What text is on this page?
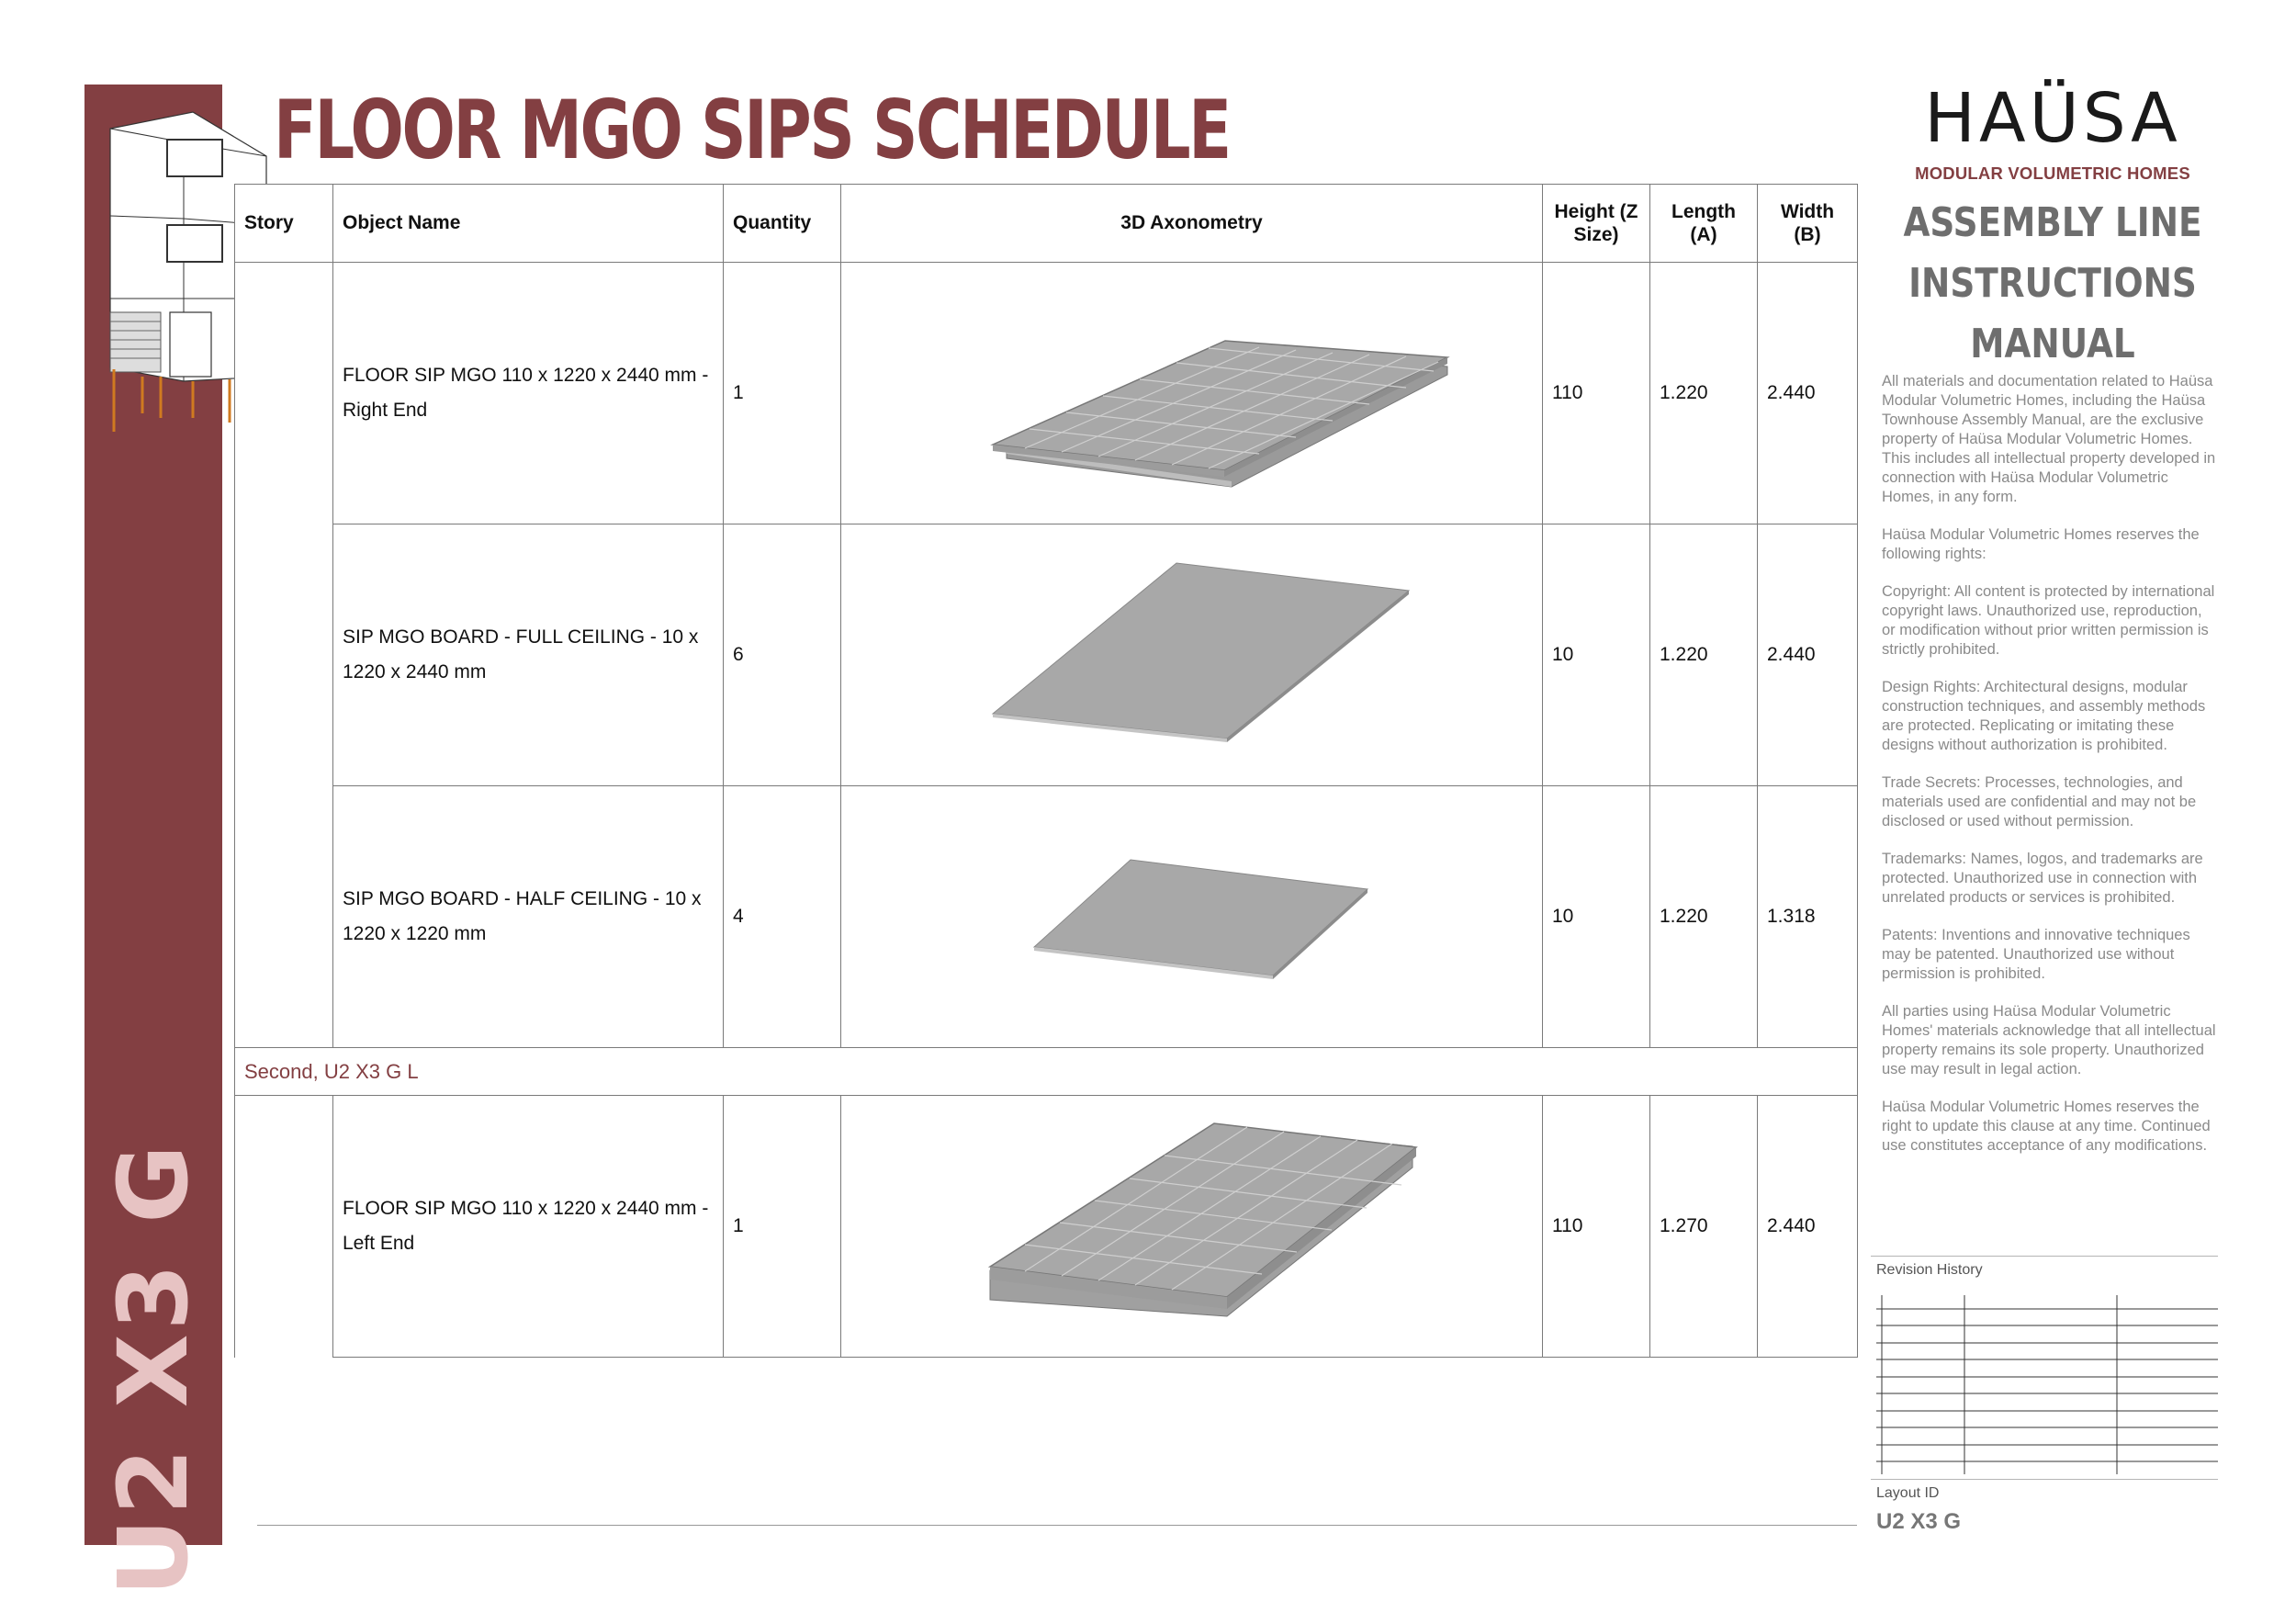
U2 X3 G
FLOOR MGO SIPS SCHEDULE
Story	Object Name	Quantity	3D Axonometry	Height (Z Size)	Length (A)	Width (B)
	FLOOR SIP MGO 110 x 1220 x 2440 mm - Right End	1		110	1.220	2.440
	SIP MGO BOARD - FULL CEILING - 10 x 1220 x 2440 mm	6		10	1.220	2.440
	SIP MGO BOARD - HALF CEILING - 10 x 1220 x 1220 mm	4		10	1.220	1.318
Second, U2 X3 G L						
	FLOOR SIP MGO 110 x 1220 x 2440 mm - Left End	1		110	1.270	2.440

HAÜSA

MODULAR VOLUMETRIC HOMES
ASSEMBLY LINE
INSTRUCTIONS
MANUAL

All materials and documentation related to Haüsa Modular Volumetric Homes, including the Haüsa Townhouse Assembly Manual, are the exclusive property of Haüsa Modular Volumetric Homes. This includes all intellectual property developed in connection with Haüsa Modular Volumetric Homes, in any form.

Haüsa Modular Volumetric Homes reserves the following rights:

Copyright: All content is protected by international copyright laws. Unauthorized use, reproduction, or modification without prior written permission is strictly prohibited.

Design Rights: Architectural designs, modular construction techniques, and assembly methods are protected. Replicating or imitating these designs without authorization is prohibited.

Trade Secrets: Processes, technologies, and materials used are confidential and may not be disclosed or used without permission.

Trademarks: Names, logos, and trademarks are protected. Unauthorized use in connection with unrelated products or services is prohibited.

Patents: Inventions and innovative techniques may be patented. Unauthorized use without permission is prohibited.

All parties using Haüsa Modular Volumetric Homes' materials acknowledge that all intellectual property remains its sole property. Unauthorized use may result in legal action.

Haüsa Modular Volumetric Homes reserves the right to update this clause at any time. Continued use constitutes acceptance of any modifications.

Revision History
Layout ID
U2 X3 G
